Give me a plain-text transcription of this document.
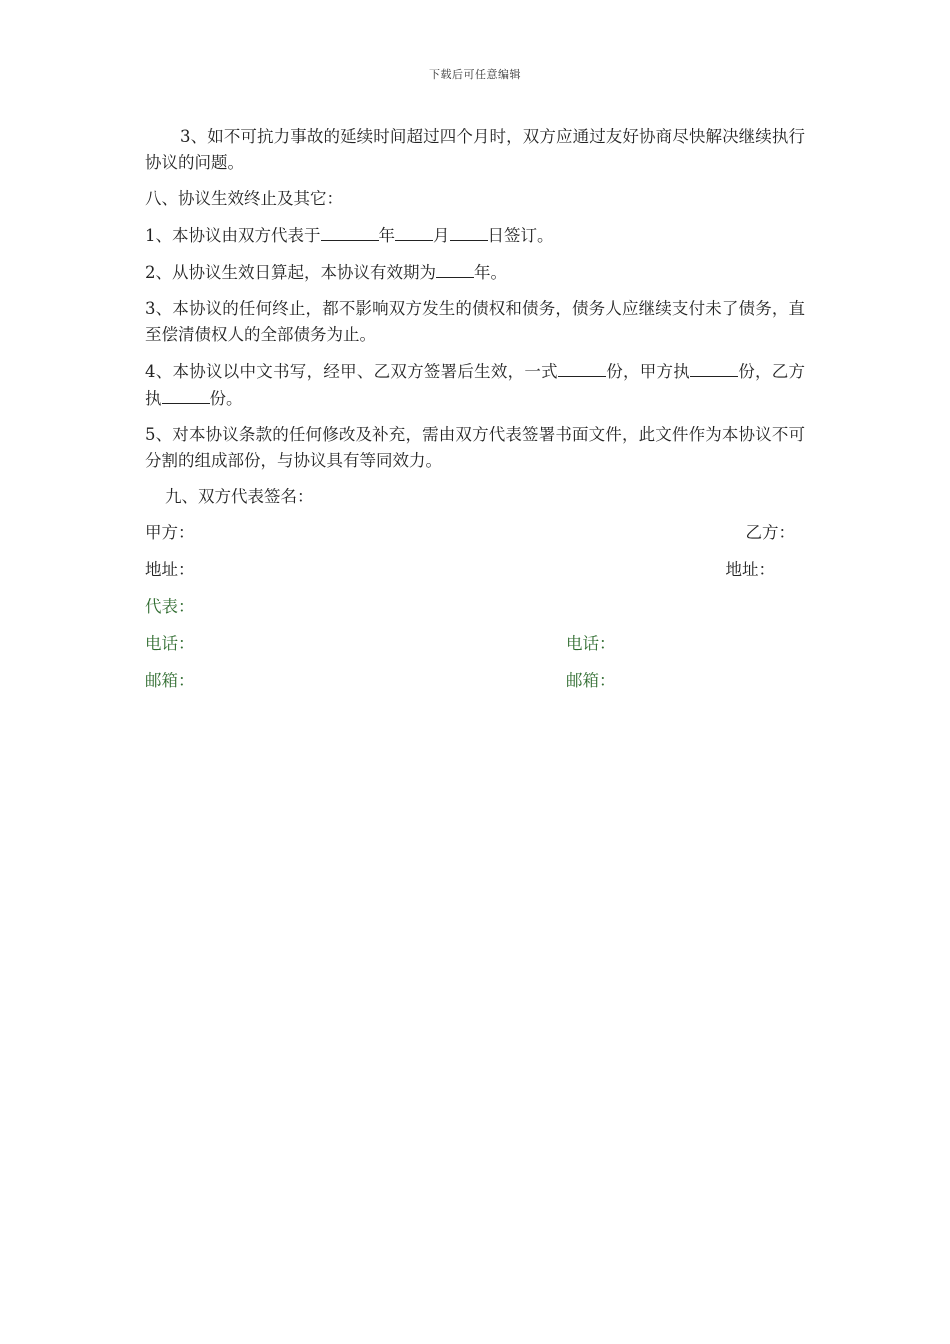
下载后可任意编辑

3、如不可抗力事故的延续时间超过四个月时，双方应通过友好协商尽快解决继续执行协议的问题。

八、协议生效终止及其它：

1、本协议由双方代表于	年 月 日签订。

2、从协议生效日算起，本协议有效期为 年。

3、本协议的任何终止，都不影响双方发生的债权和债务，债务人应继续支付未了债务，直至偿清债权人的全部债务为止。

4、本协议以中文书写，经甲、乙双方签署后生效，一式	份，甲方执	份，乙方执	份。

5、对本协议条款的任何修改及补充，需由双方代表签署书面文件，此文件作为本协议不可分割的组成部份，与协议具有等同效力。

九、双方代表签名：

甲方：	乙方：
地址：	地址：
代表：
电话：	电话：
邮箱：	邮箱：
